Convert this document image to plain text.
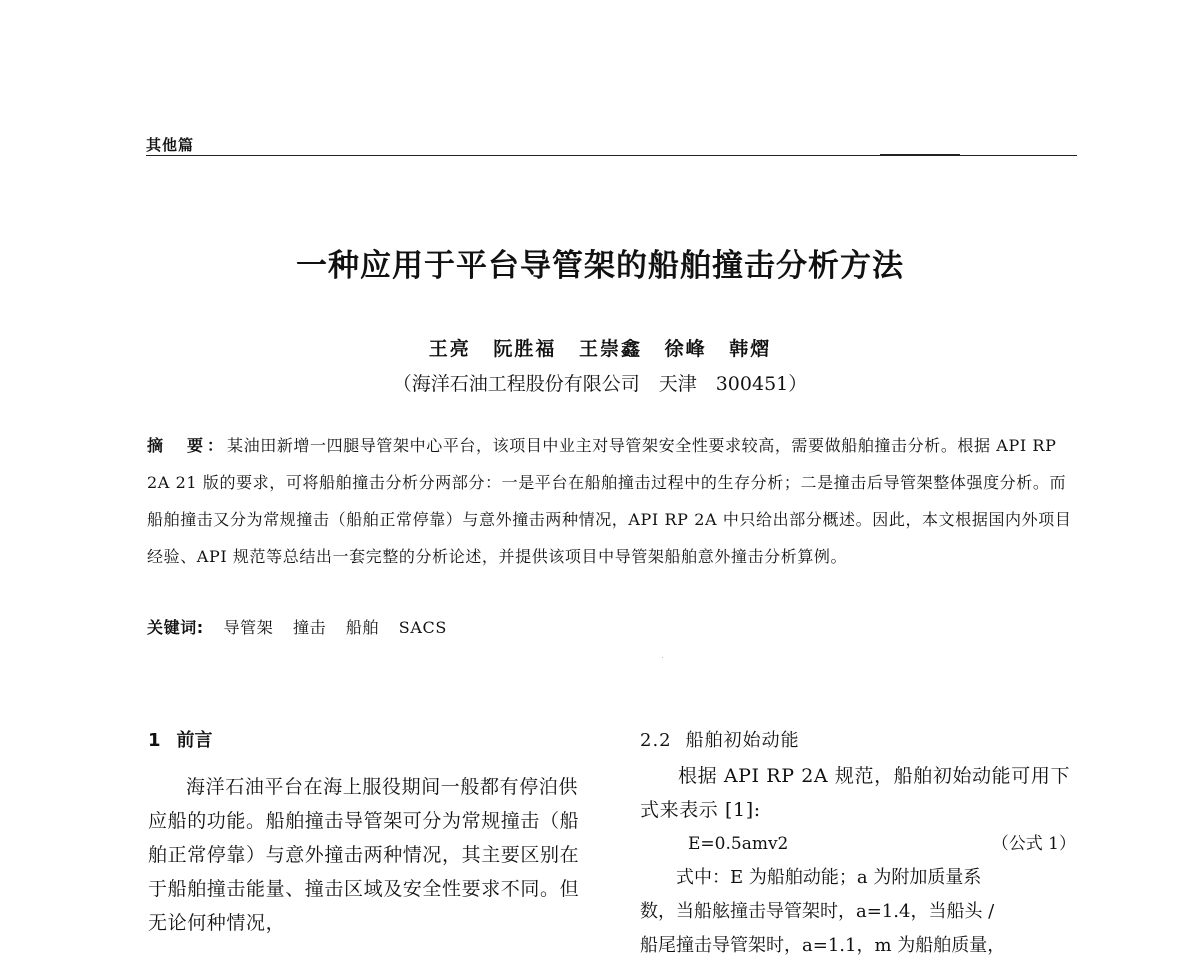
其他篇
一种应用于平台导管架的船舶撞击分析方法
王亮 阮胜福 王崇鑫 徐峰 韩熠
（海洋石油工程股份有限公司　天津　300451）
摘　要：某油田新增一四腿导管架中心平台，该项目中业主对导管架安全性要求较高，需要做船舶撞击分析。根据 API RP 2A 21 版的要求，可将船舶撞击分析分两部分：一是平台在船舶撞击过程中的生存分析；二是撞击后导管架整体强度分析。而船舶撞击又分为常规撞击（船舶正常停靠）与意外撞击两种情况，API RP 2A 中只给出部分概述。因此，本文根据国内外项目经验、API 规范等总结出一套完整的分析论述，并提供该项目中导管架船舶意外撞击分析算例。
关键词: 导管架 撞击 船舶 SACS
1 前言

海洋石油平台在海上服役期间一般都有停泊供应船的功能。船舶撞击导管架可分为常规撞击（船舶正常停靠）与意外撞击两种情况，其主要区别在于船舶撞击能量、撞击区域及安全性要求不同。但无论何种情况，

2.2 船舶初始动能

根据 API RP 2A 规范，船舶初始动能可用下式来表示 [1]:

E=0.5amv2	（公式 1）

式中：E 为船舶动能；a 为附加质量系

数，当船舷撞击导管架时，a=1.4，当船头 /

船尾撞击导管架时，a=1.1，m 为船舶质量，
